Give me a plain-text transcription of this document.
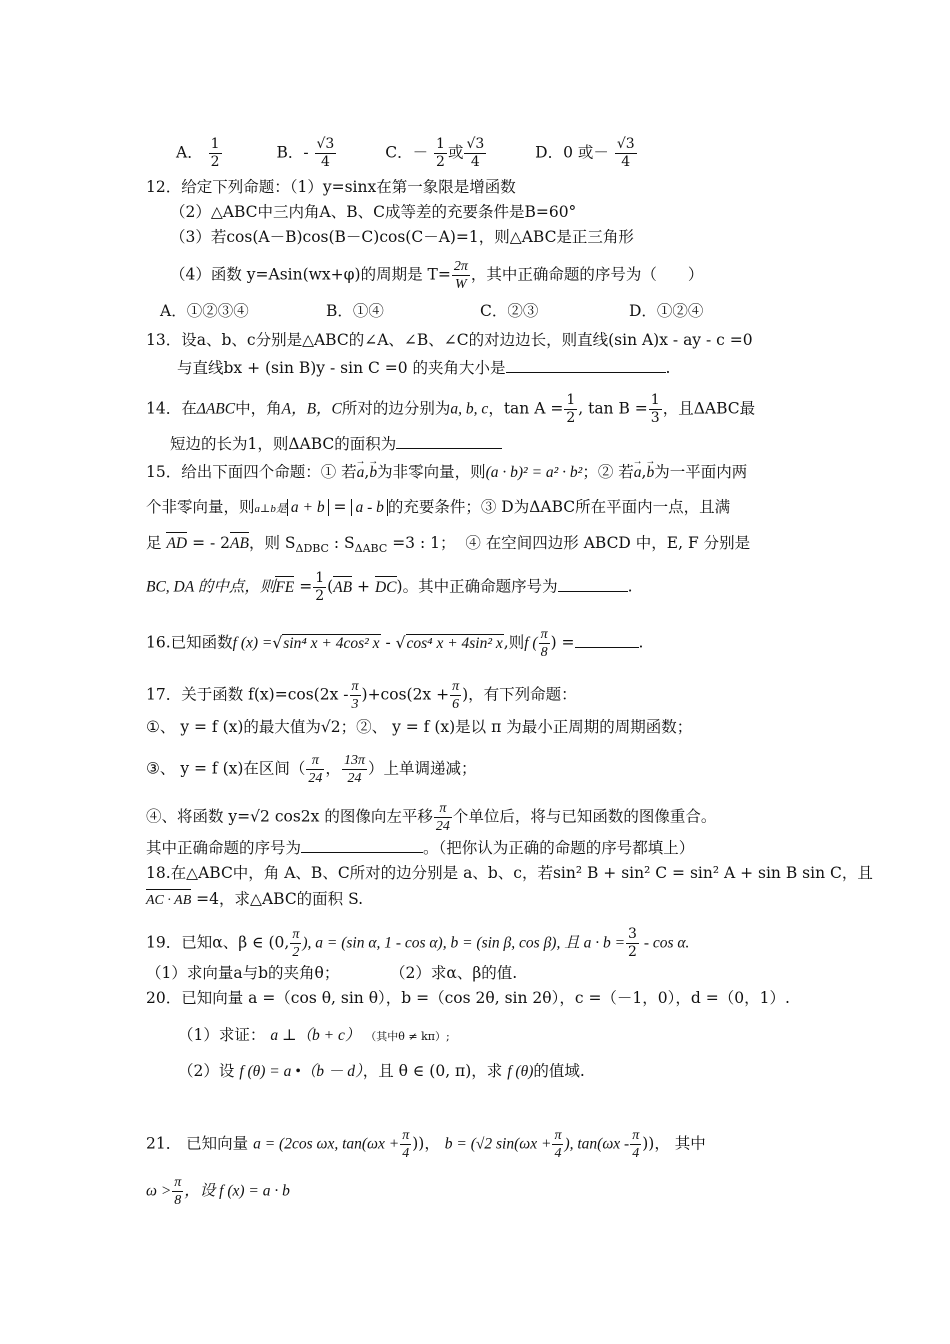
A． $\frac{1}{2}$	B．- $\frac{√3}{4}$	C．－ $\frac{1}{2}$ 或 $\frac{√3}{4}$	D．0 或－ $\frac{√3}{4}$
12．给定下列命题：（1）y=sinx在第一象限是增函数
（2）△ABC中三内角A、B、C成等差的充要条件是B=60°
（3）若cos(A－B)cos(B－C)cos(C－A)=1，则△ABC是正三角形
（4）函数 y=Asin(wx+φ)的周期是 $T= \frac{2\pi}{W}$ ，其中正确命题的序号为（　　）
A．①②③④	B．①④	C．②③	D．①②④
13．设a、b、c分别是△ABC的∠A、∠B、∠C的对边边长，则直线(sin A)x - ay - c =0
与直线bx + (sin B)y - sin C =0 的夹角大小是	.
14．在ΔABC中，角A，B，C所对的边分别为a, b, c，$\tan A = \frac{1}{2}$ , $\tan B = \frac{1}{3}$ ，且ΔABC最
短边的长为1，则ΔABC的面积为
15．给出下面四个命题：① 若→ a,→ b为非零向量，则(a · b)² = a² · b²；② 若→ a,→ b为一平面内两
个非零向量，则a⊥b是 a + b = a - b 的充要条件；③ D为ΔABC所在平面内一点，且满
足 AD = - 2AB，则 $S_{\Delta DBC}$ : $S_{\Delta ABC} =3$ : 1； ④ 在空间四边形 ABCD 中，E, F 分别是
BC, DA 的中点，则FE = $\frac{1}{2} (AB + DC)$。其中正确命题序号为	.
16.已知函数f (x) =√sin⁴ x + 4cos² x - √cos⁴ x + 4sin² x,则f ( $\frac{\pi}{8}$ ) =	.
17．关于函数 $f(x)=\cos(2x - \frac{\pi}{3} )+\cos(2x + \frac{\pi}{6}$ )，有下列命题：
①、 y = f (x)的最大值为√2；②、 y = f (x)是以 π 为最小正周期的周期函数；
③、 y = f (x)在区间（ $\frac{\pi}{24}$ ， $\frac{13\pi}{24}$ ）上单调递减；
④、将函数 y=√2 cos2x 的图像向左平移 $\frac{\pi}{24}$ 个单位后，将与已知函数的图像重合。
其中正确命题的序号为	。（把你认为正确的命题的序号都填上）
18.在△ABC中，角 A、B、C所对的边分别是 a、b、c，若sin² B + sin² C = sin² A + sin B sin C，且
AC · AB =4，求△ABC的面积 S.
19．已知α、β ∈ (0, $\frac{\pi}{2}$ ), a = (sin α, 1 - cos α), b = (sin β, cos β), 且 $a \cdot b = \frac{3}{2} - \cos \alpha$.
（1）求向量a与b的夹角θ；	（2）求α、β的值.
20．已知向量 a =（cos θ, sin θ），b =（cos 2θ, sin 2θ），c =（－1，0），d =（0，1）.
（1）求证： a ⊥（b + c） （其中θ ≠ kπ）;
（2）设 f (θ) = a •（b － d），且 θ ∈ (0, π)，求 f (θ)的值域.
21． 已知向量 a = (2cos ωx, $\tan(\omega x + \frac{\pi}{4}$ ))， b = (√2 $\sin(\omega x + \frac{\pi}{4}$ ), $\tan(\omega x - \frac{\pi}{4}$ ))， 其中
$\omega > \frac{\pi}{8}$ ，设 f (x) = a · b
